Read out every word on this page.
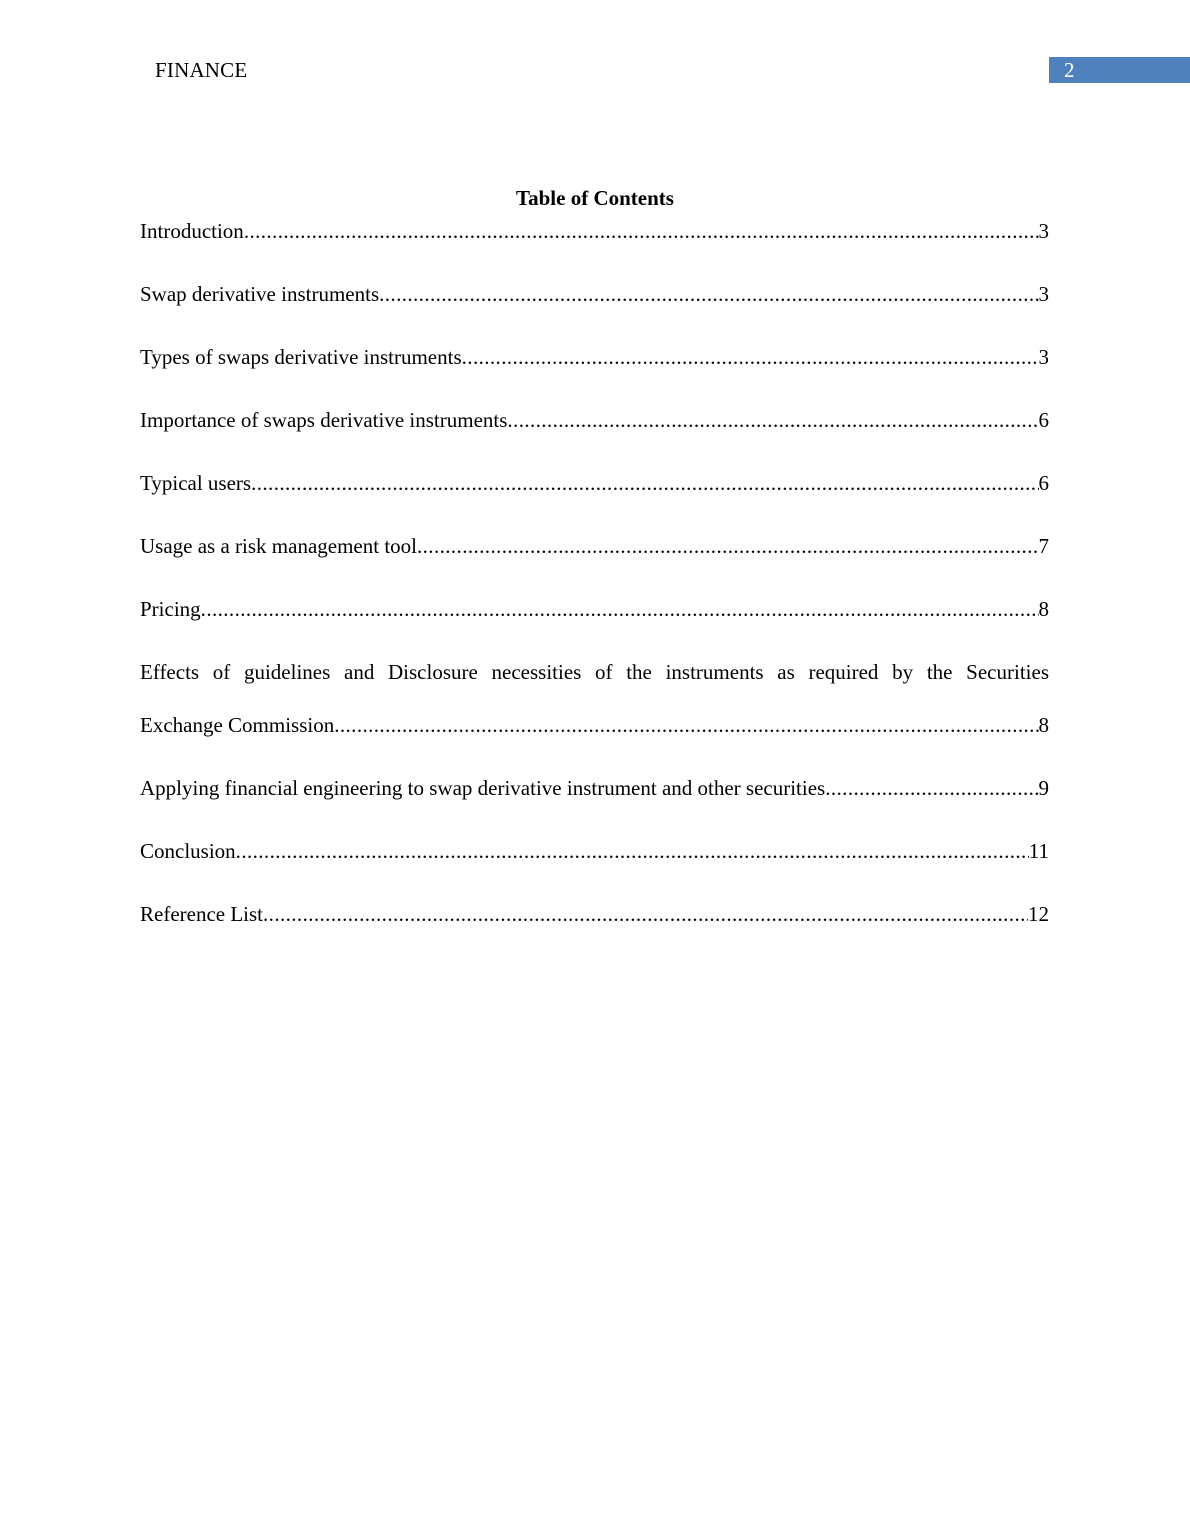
FINANCE	2
Table of Contents
Introduction .....	3
Swap derivative instruments .....	3
Types of swaps derivative instruments .....	3
Importance of swaps derivative instruments .....	6
Typical users .....	6
Usage as a risk management tool .....	7
Pricing .....	8
Effects of guidelines and Disclosure necessities of the instruments as required by the Securities
Exchange Commission .....	8
Applying financial engineering to swap derivative instrument and other securities .....	9
Conclusion .....	11
Reference List .....	12
